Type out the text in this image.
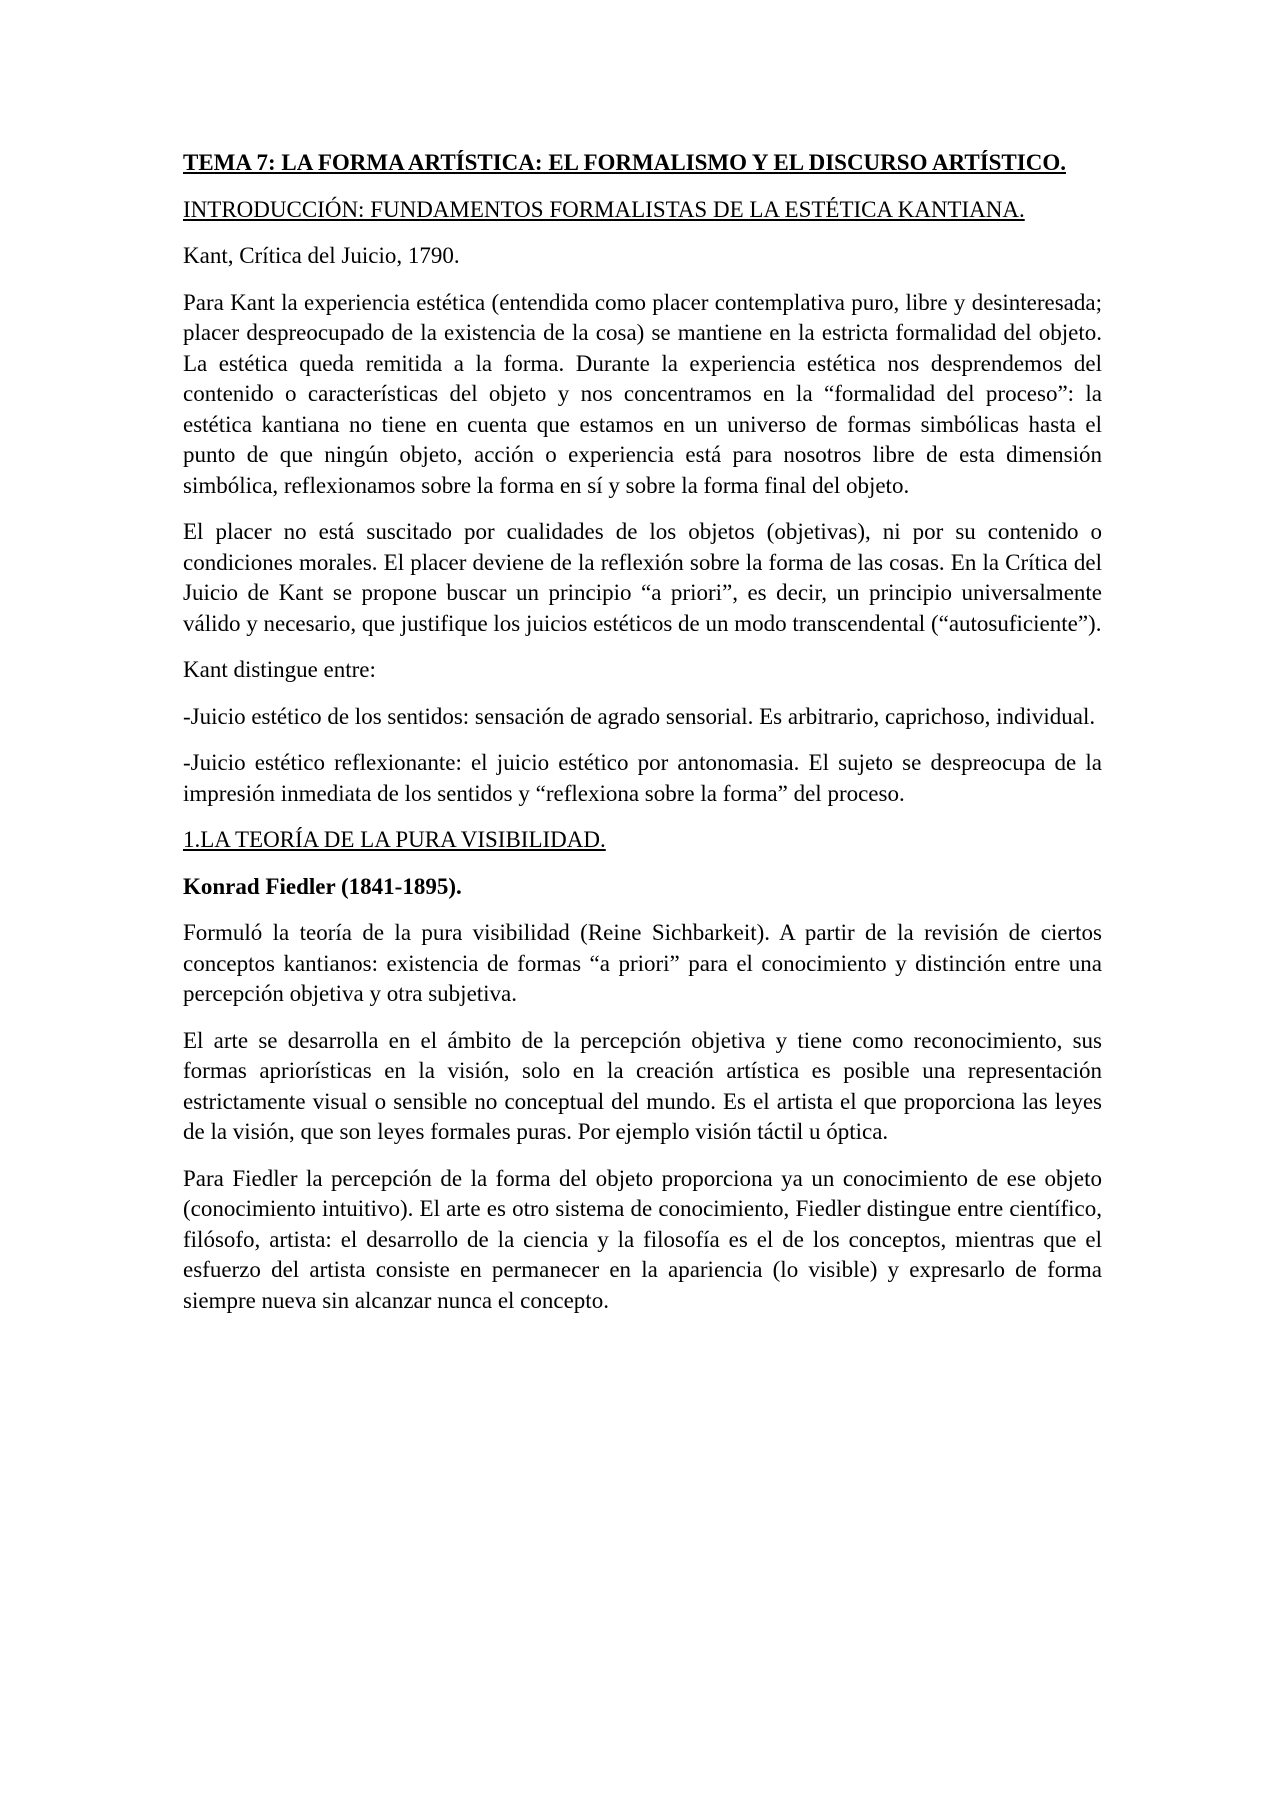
TEMA 7: LA FORMA ARTÍSTICA: EL FORMALISMO Y EL DISCURSO ARTÍSTICO.

INTRODUCCIÓN: FUNDAMENTOS FORMALISTAS DE LA ESTÉTICA KANTIANA.

Kant, Crítica del Juicio, 1790.

Para Kant la experiencia estética (entendida como placer contemplativa puro, libre y desinteresada; placer despreocupado de la existencia de la cosa) se mantiene en la estricta formalidad del objeto. La estética queda remitida a la forma. Durante la experiencia estética nos desprendemos del contenido o características del objeto y nos concentramos en la “formalidad del proceso”: la estética kantiana no tiene en cuenta que estamos en un universo de formas simbólicas hasta el punto de que ningún objeto, acción o experiencia está para nosotros libre de esta dimensión simbólica, reflexionamos sobre la forma en sí y sobre la forma final del objeto.

El placer no está suscitado por cualidades de los objetos (objetivas), ni por su contenido o condiciones morales. El placer deviene de la reflexión sobre la forma de las cosas. En la Crítica del Juicio de Kant se propone buscar un principio “a priori”, es decir, un principio universalmente válido y necesario, que justifique los juicios estéticos de un modo transcendental (“autosuficiente”).

Kant distingue entre:

-Juicio estético de los sentidos: sensación de agrado sensorial. Es arbitrario, caprichoso, individual.

-Juicio estético reflexionante: el juicio estético por antonomasia. El sujeto se despreocupa de la impresión inmediata de los sentidos y “reflexiona sobre la forma” del proceso.

1.LA TEORÍA DE LA PURA VISIBILIDAD.

Konrad Fiedler (1841-1895).

Formuló la teoría de la pura visibilidad (Reine Sichbarkeit). A partir de la revisión de ciertos conceptos kantianos: existencia de formas “a priori” para el conocimiento y distinción entre una percepción objetiva y otra subjetiva.

El arte se desarrolla en el ámbito de la percepción objetiva y tiene como reconocimiento, sus formas apriorísticas en la visión, solo en la creación artística es posible una representación estrictamente visual o sensible no conceptual del mundo. Es el artista el que proporciona las leyes de la visión, que son leyes formales puras. Por ejemplo visión táctil u óptica.

Para Fiedler la percepción de la forma del objeto proporciona ya un conocimiento de ese objeto (conocimiento intuitivo). El arte es otro sistema de conocimiento, Fiedler distingue entre científico, filósofo, artista: el desarrollo de la ciencia y la filosofía es el de los conceptos, mientras que el esfuerzo del artista consiste en permanecer en la apariencia (lo visible) y expresarlo de forma siempre nueva sin alcanzar nunca el concepto.
